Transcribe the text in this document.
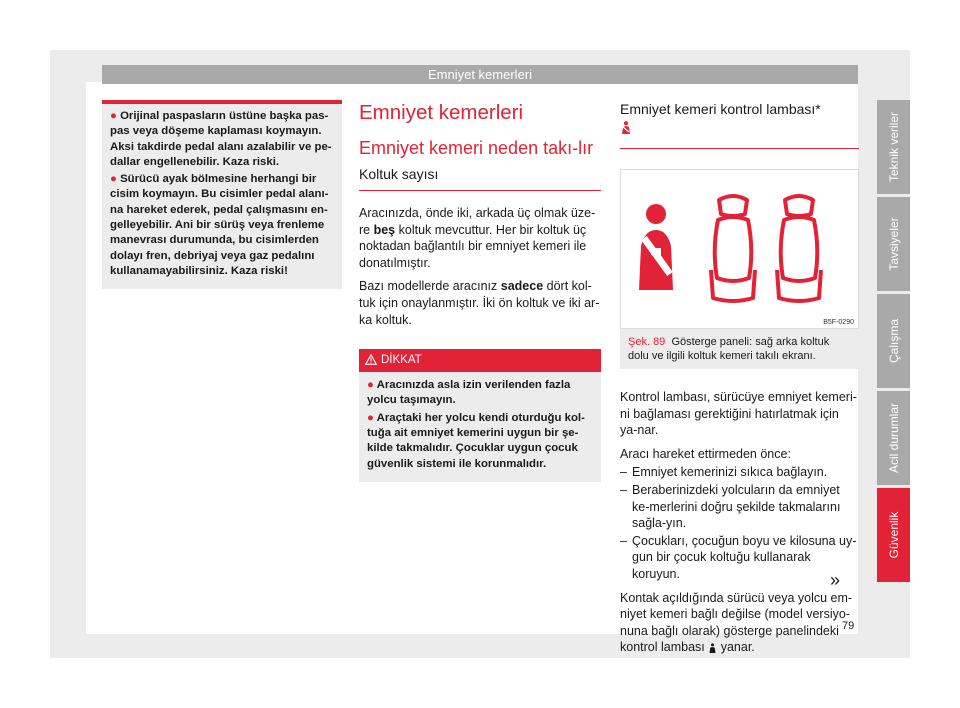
Emniyet kemerleri

● Orijinal paspasların üstüne başka pas-pas veya döşeme kaplaması koymayın. Aksi takdirde pedal alanı azalabilir ve pe-dallar engellenebilir. Kaza riski.

● Sürücü ayak bölmesine herhangi bir cisim koymayın. Bu cisimler pedal alanı-na hareket ederek, pedal çalışmasını en-gelleyebilir. Ani bir sürüş veya frenleme manevrası durumunda, bu cisimlerden dolayı fren, debriyaj veya gaz pedalını kullanamayabilirsiniz. Kaza riski!

Emniyet kemerleri
Emniyet kemeri neden takı-lır
Koltuk sayısı

Aracınızda, önde iki, arkada üç olmak üze-re beş koltuk mevcuttur. Her bir koltuk üç noktadan bağlantılı bir emniyet kemeri ile donatılmıştır.

Bazı modellerde aracınız sadece dört kol-tuk için onaylanmıştır. İki ön koltuk ve iki ar-ka koltuk.

DİKKAT

● Aracınızda asla izin verilenden fazla yolcu taşımayın.

● Araçtaki her yolcu kendi oturduğu kol-tuğa ait emniyet kemerini uygun bir şe-kilde takmalıdır. Çocuklar uygun çocuk güvenlik sistemi ile korunmalıdır.

Emniyet kemeri kontrol lambası*
B5F-0290
Şek. 89 Gösterge paneli: sağ arka koltuk dolu ve ilgili koltuk kemeri takılı ekranı.

Kontrol lambası, sürücüye emniyet kemeri-ni bağlaması gerektiğini hatırlatmak için ya-nar.

Aracı hareket ettirmeden önce:

– Emniyet kemerinizi sıkıca bağlayın.
– Beraberinizdeki yolcuların da emniyet ke-merlerini doğru şekilde takmalarını sağla-yın.
– Çocukları, çocuğun boyu ve kilosuna uy-gun bir çocuk koltuğu kullanarak koruyun.

Kontak açıldığında sürücü veya yolcu em-niyet kemeri bağlı değilse (model versiyo-nuna bağlı olarak) gösterge panelindeki kontrol lambası  yanar.

»
Teknik veriler
Tavsiyeler
Çalışma
Acil durumlar
Güvenlik
79
